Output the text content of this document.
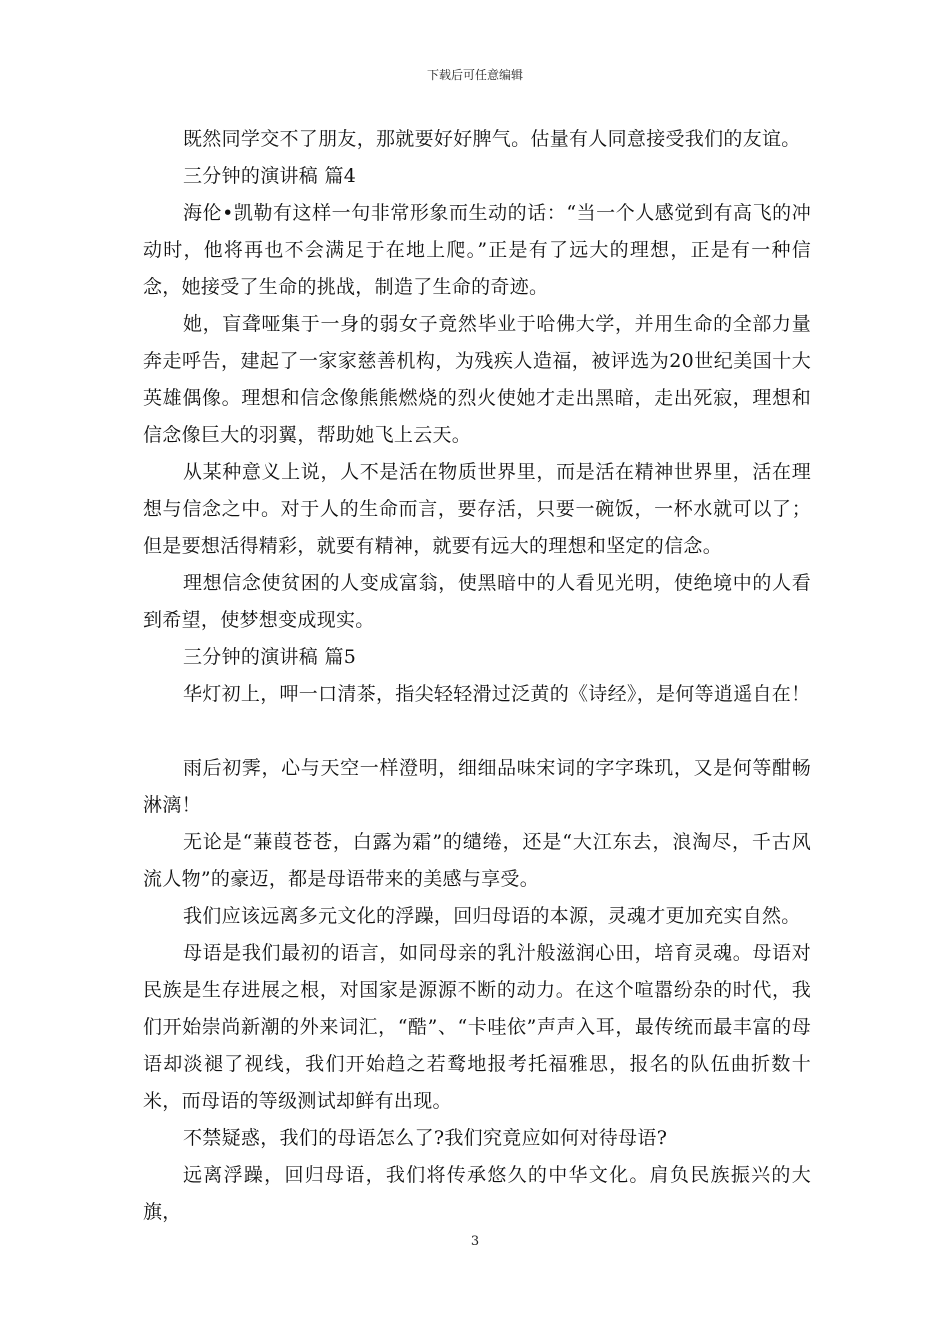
下载后可任意编辑

既然同学交不了朋友，那就要好好脾气。估量有人同意接受我们的友谊。

三分钟的演讲稿 篇4

海伦•凯勒有这样一句非常形象而生动的话：“当一个人感觉到有高飞的冲动时，他将再也不会满足于在地上爬。”正是有了远大的理想，正是有一种信念，她接受了生命的挑战，制造了生命的奇迹。

她，盲聋哑集于一身的弱女子竟然毕业于哈佛大学，并用生命的全部力量奔走呼告，建起了一家家慈善机构，为残疾人造福，被评选为20世纪美国十大英雄偶像。理想和信念像熊熊燃烧的烈火使她才走出黑暗，走出死寂，理想和信念像巨大的羽翼，帮助她飞上云天。

从某种意义上说，人不是活在物质世界里，而是活在精神世界里，活在理想与信念之中。对于人的生命而言，要存活，只要一碗饭，一杯水就可以了；但是要想活得精彩，就要有精神，就要有远大的理想和坚定的信念。

理想信念使贫困的人变成富翁，使黑暗中的人看见光明，使绝境中的人看到希望，使梦想变成现实。

三分钟的演讲稿 篇5

华灯初上，呷一口清茶，指尖轻轻滑过泛黄的《诗经》，是何等逍遥自在！

雨后初霁，心与天空一样澄明，细细品味宋词的字字珠玑，又是何等酣畅淋漓！

无论是“蒹葭苍苍，白露为霜”的缱绻，还是“大江东去，浪淘尽，千古风流人物”的豪迈，都是母语带来的美感与享受。

我们应该远离多元文化的浮躁，回归母语的本源，灵魂才更加充实自然。

母语是我们最初的语言，如同母亲的乳汁般滋润心田，培育灵魂。母语对民族是生存进展之根，对国家是源源不断的动力。在这个喧嚣纷杂的时代，我们开始崇尚新潮的外来词汇，“酷”、“卡哇依”声声入耳，最传统而最丰富的母语却淡褪了视线，我们开始趋之若鹜地报考托福雅思，报名的队伍曲折数十米，而母语的等级测试却鲜有出现。

不禁疑惑，我们的母语怎么了?我们究竟应如何对待母语?

远离浮躁，回归母语，我们将传承悠久的中华文化。肩负民族振兴的大旗，

3
